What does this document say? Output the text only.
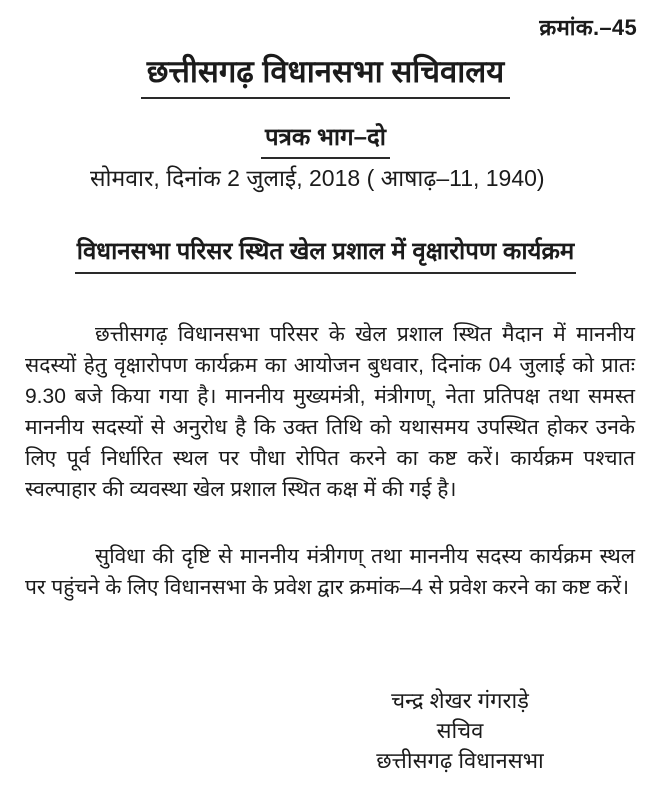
क्रमांक.–45
छत्तीसगढ़ विधानसभा सचिवालय
पत्रक भाग–दो
सोमवार, दिनांक 2 जुलाई, 2018 ( आषाढ़–11, 1940)
विधानसभा परिसर स्थित खेल प्रशाल में वृक्षारोपण कार्यक्रम

छत्तीसगढ़ विधानसभा परिसर के खेल प्रशाल स्थित मैदान में माननीय सदस्यों हेतु वृक्षारोपण कार्यक्रम का आयोजन बुधवार, दिनांक 04 जुलाई को प्रातः 9.30 बजे किया गया है। माननीय मुख्यमंत्री, मंत्रीगण्, नेता प्रतिपक्ष तथा समस्त माननीय सदस्यों से अनुरोध है कि उक्त तिथि को यथासमय उपस्थित होकर उनके लिए पूर्व निर्धारित स्थल पर पौधा रोपित करने का कष्ट करें। कार्यक्रम पश्चात स्वल्पाहार की व्यवस्था खेल प्रशाल स्थित कक्ष में की गई है।

सुविधा की दृष्टि से माननीय मंत्रीगण् तथा माननीय सदस्य कार्यक्रम स्थल पर पहुंचने के लिए विधानसभा के प्रवेश द्वार क्रमांक–4 से प्रवेश करने का कष्ट करें।

चन्द्र शेखर गंगराड़े
सचिव
छत्तीसगढ़ विधानसभा
